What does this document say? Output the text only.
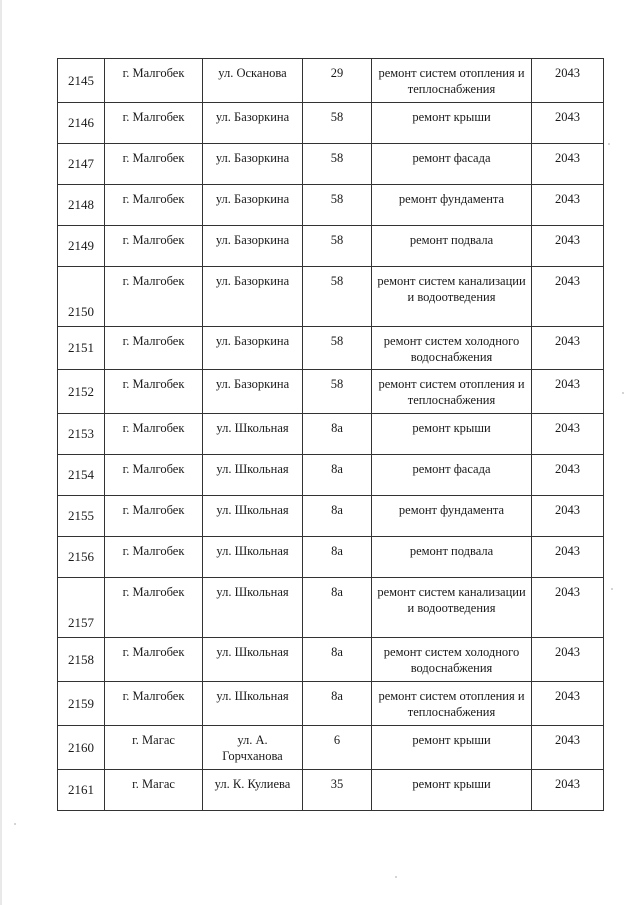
2145	г. Малгобек	ул. Осканова	29	ремонт систем отопления и теплоснабжения	2043
2146	г. Малгобек	ул. Базоркина	58	ремонт крыши	2043
2147	г. Малгобек	ул. Базоркина	58	ремонт фасада	2043
2148	г. Малгобек	ул. Базоркина	58	ремонт фундамента	2043
2149	г. Малгобек	ул. Базоркина	58	ремонт подвала	2043
2150	г. Малгобек	ул. Базоркина	58	ремонт систем канализации и водоотведения	2043
2151	г. Малгобек	ул. Базоркина	58	ремонт систем холодного водоснабжения	2043
2152	г. Малгобек	ул. Базоркина	58	ремонт систем отопления и теплоснабжения	2043
2153	г. Малгобек	ул. Школьная	8а	ремонт крыши	2043
2154	г. Малгобек	ул. Школьная	8а	ремонт фасада	2043
2155	г. Малгобек	ул. Школьная	8а	ремонт фундамента	2043
2156	г. Малгобек	ул. Школьная	8а	ремонт подвала	2043
2157	г. Малгобек	ул. Школьная	8а	ремонт систем канализации и водоотведения	2043
2158	г. Малгобек	ул. Школьная	8а	ремонт систем холодного водоснабжения	2043
2159	г. Малгобек	ул. Школьная	8а	ремонт систем отопления и теплоснабжения	2043
2160	г. Магас	ул. А. Горчханова	6	ремонт крыши	2043
2161	г. Магас	ул. К. Кулиева	35	ремонт крыши	2043
